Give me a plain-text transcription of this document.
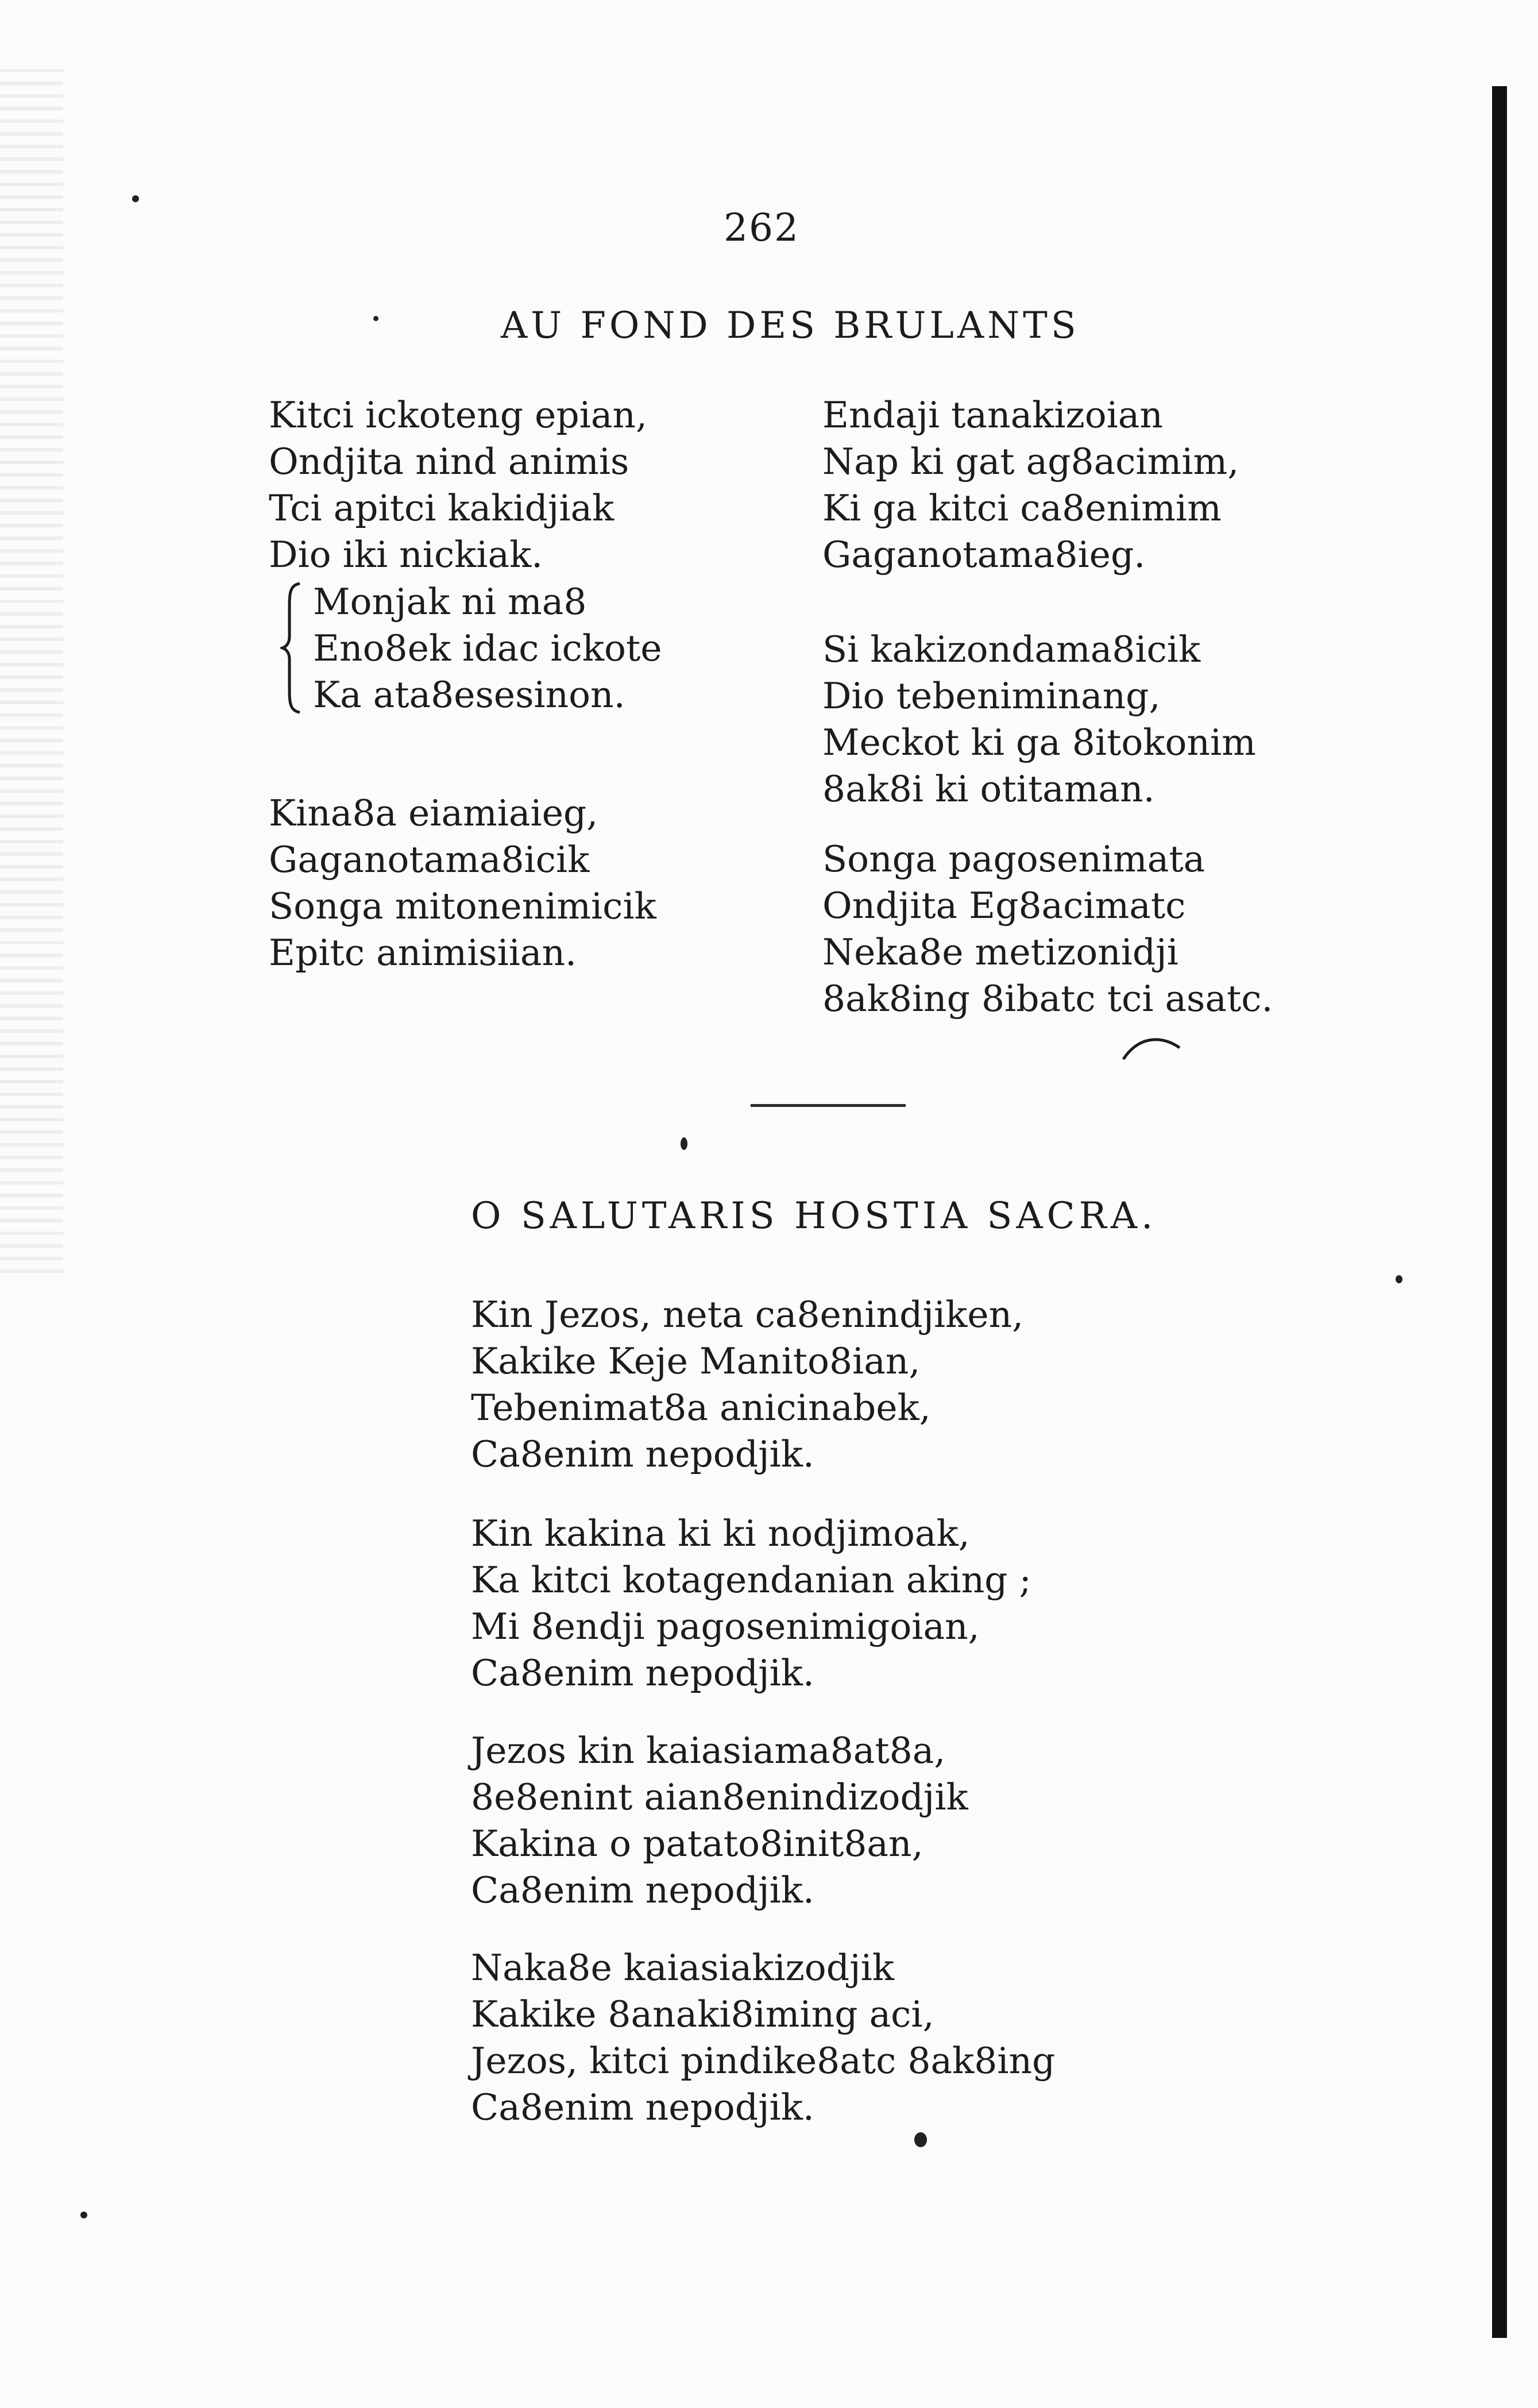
262
AU FOND DES BRULANTS
Kitci ickoteng epian,
Ondjita nind animis
Tci apitci kakidjiak
Dio iki nickiak.
Monjak ni ma8
Eno8ek idac ickote
Ka ata8esesinon.
Kina8a eiamiaieg,
Gaganotama8icik
Songa mitonenimicik
Epitc animisiian.
Endaji tanakizoian
Nap ki gat ag8acimim,
Ki ga kitci ca8enimim
Gaganotama8ieg.
Si kakizondama8icik
Dio tebeniminang,
Meckot ki ga 8itokonim
8ak8i ki otitaman.
Songa pagosenimata
Ondjita Eg8acimatc
Neka8e metizonidji
8ak8ing 8ibatc tci asatc.
O SALUTARIS HOSTIA SACRA.
Kin Jezos, neta ca8enindjiken,
Kakike Keje Manito8ian,
Tebenimat8a anicinabek,
Ca8enim nepodjik.
Kin kakina ki ki nodjimoak,
Ka kitci kotagendanian aking ;
Mi 8endji pagosenimigoian,
Ca8enim nepodjik.
Jezos kin kaiasiama8at8a,
8e8enint aian8enindizodjik
Kakina o patato8init8an,
Ca8enim nepodjik.
Naka8e kaiasiakizodjik
Kakike 8anaki8iming aci,
Jezos, kitci pindike8atc 8ak8ing
Ca8enim nepodjik.
